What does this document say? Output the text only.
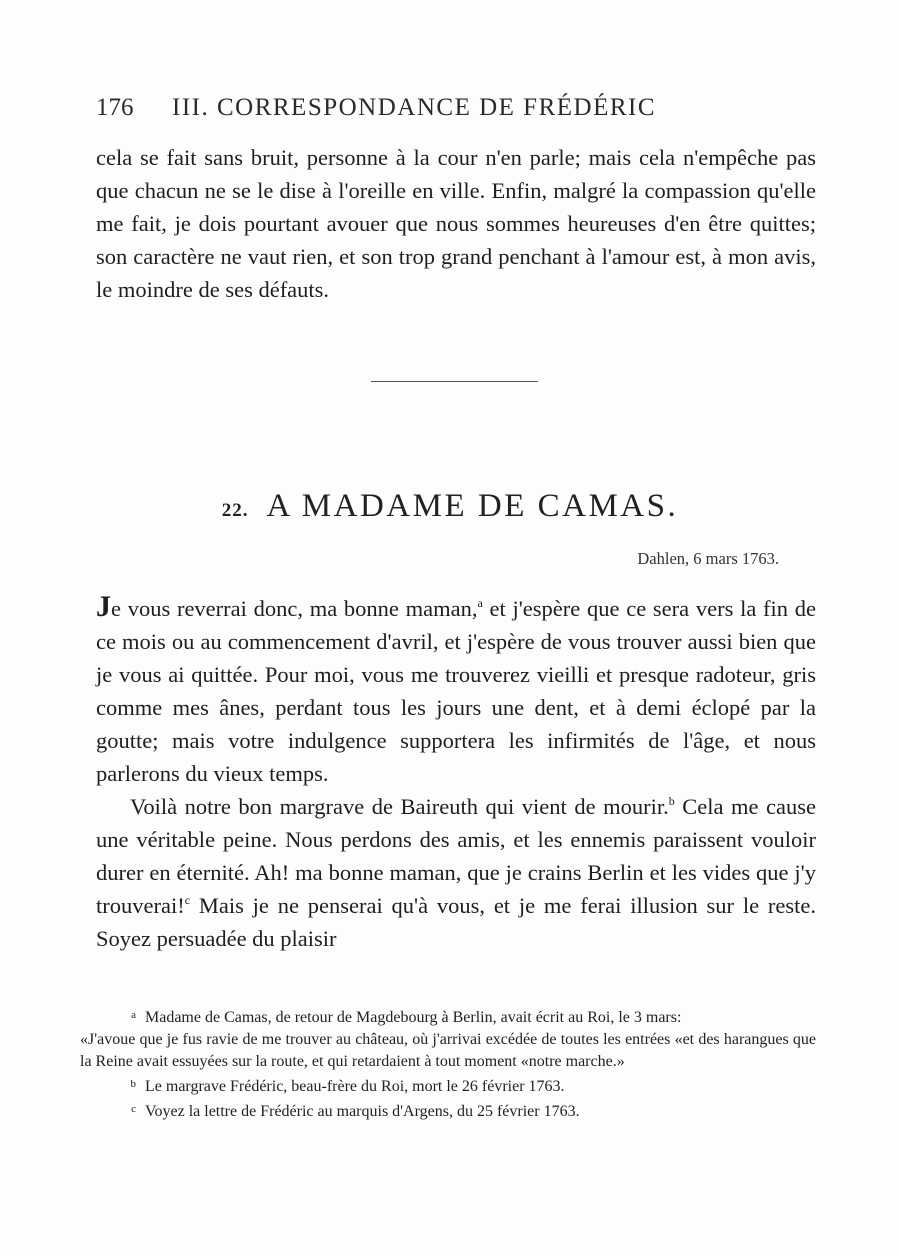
176 III. CORRESPONDANCE DE FRÉDÉRIC

cela se fait sans bruit, personne à la cour n'en parle; mais cela n'empêche pas que chacun ne se le dise à l'oreille en ville. Enfin, malgré la compassion qu'elle me fait, je dois pourtant avouer que nous sommes heureuses d'en être quittes; son caractère ne vaut rien, et son trop grand penchant à l'amour est, à mon avis, le moindre de ses défauts.

22. A MADAME DE CAMAS.
Dahlen, 6 mars 1763.

Je vous reverrai donc, ma bonne maman,$^a$ et j'espère que ce sera vers la fin de ce mois ou au commencement d'avril, et j'espère de vous trouver aussi bien que je vous ai quittée. Pour moi, vous me trouverez vieilli et presque radoteur, gris comme mes ânes, perdant tous les jours une dent, et à demi éclopé par la goutte; mais votre indulgence supportera les infirmités de l'âge, et nous parlerons du vieux temps.

Voilà notre bon margrave de Baireuth qui vient de mourir.$^b$ Cela me cause une véritable peine. Nous perdons des amis, et les ennemis paraissent vouloir durer en éternité. Ah! ma bonne maman, que je crains Berlin et les vides que j'y trouverai!$^c$ Mais je ne penserai qu'à vous, et je me ferai illusion sur le reste. Soyez persuadée du plaisir

a Madame de Camas, de retour de Magdebourg à Berlin, avait écrit au Roi, le 3 mars:
«J'avoue que je fus ravie de me trouver au château, où j'arrivai excédée de toutes les entrées «et des harangues que la Reine avait essuyées sur la route, et qui retardaient à tout moment «notre marche.»

b Le margrave Frédéric, beau-frère du Roi, mort le 26 février 1763.

c Voyez la lettre de Frédéric au marquis d'Argens, du 25 février 1763.
